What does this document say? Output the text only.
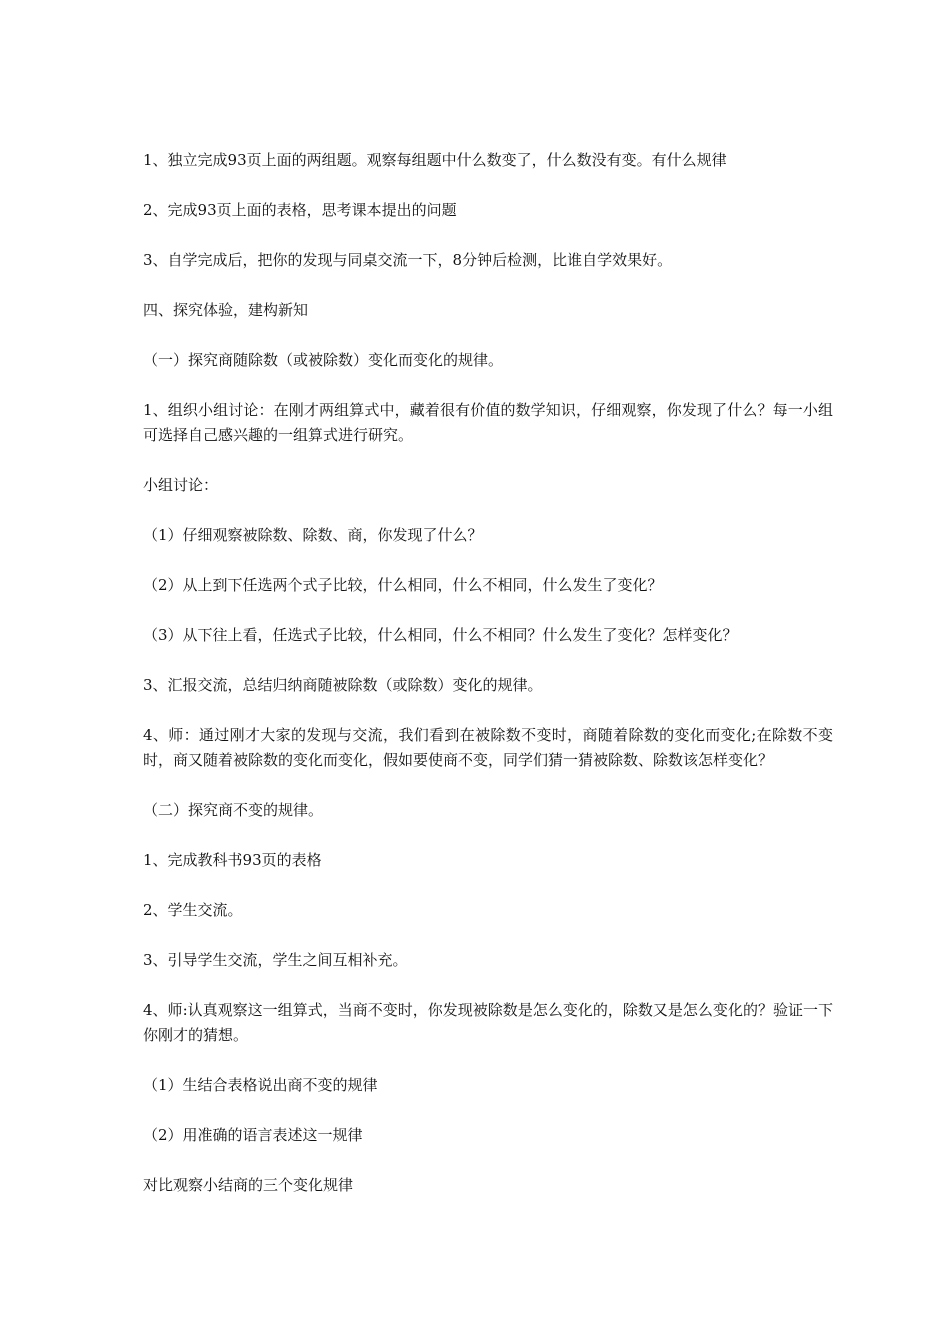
1、独立完成93页上面的两组题。观察每组题中什么数变了，什么数没有变。有什么规律

2、完成93页上面的表格，思考课本提出的问题

3、自学完成后，把你的发现与同桌交流一下，8分钟后检测，比谁自学效果好。

四、探究体验，建构新知

（一）探究商随除数（或被除数）变化而变化的规律。

1、组织小组讨论：在刚才两组算式中，藏着很有价值的数学知识，仔细观察，你发现了什么？每一小组可选择自己感兴趣的一组算式进行研究。

小组讨论：

（1）仔细观察被除数、除数、商，你发现了什么？

（2）从上到下任选两个式子比较，什么相同，什么不相同，什么发生了变化？

（3）从下往上看，任选式子比较，什么相同，什么不相同？什么发生了变化？怎样变化？

3、汇报交流，总结归纳商随被除数（或除数）变化的规律。

4、师：通过刚才大家的发现与交流，我们看到在被除数不变时，商随着除数的变化而变化;在除数不变时，商又随着被除数的变化而变化，假如要使商不变，同学们猜一猜被除数、除数该怎样变化？

（二）探究商不变的规律。

1、完成教科书93页的表格

2、学生交流。

3、引导学生交流，学生之间互相补充。

4、师:认真观察这一组算式，当商不变时，你发现被除数是怎么变化的，除数又是怎么变化的？验证一下你刚才的猜想。

（1）生结合表格说出商不变的规律

（2）用准确的语言表述这一规律

对比观察小结商的三个变化规律
